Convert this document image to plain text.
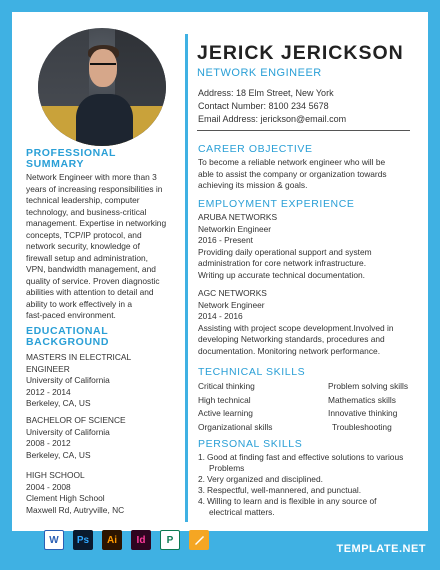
JERICK JERICKSON
NETWORK ENGINEER
Address: 18 Elm Street, New York
Contact Number: 8100 234 5678
Email Address: jerickson@email.com
PROFESSIONAL
SUMMARY
Network Engineer with more than 3
years of increasing responsibilities in
technical leadership, computer
technology, and business-critical
management. Expertise in networking
concepts, TCP/IP protocol, and
network security, knowledge of
firewall setup and administration,
VPN, bandwidth management, and
quality of service. Proven diagnostic
abilities with attention to detail and
ability to work effectively in a
fast-paced environment.
EDUCATIONAL
BACKGROUND
MASTERS IN ELECTRICAL
ENGINEER
University of California
2012 - 2014
Berkeley, CA, US
BACHELOR OF SCIENCE
University of California
2008 - 2012
Berkeley, CA, US
HIGH SCHOOL
2004 - 2008
Clement High School
Maxwell Rd, Autryville, NC
CAREER OBJECTIVE
To become a reliable network engineer who will be
able to assist the company or organization towards
achieving its mission & goals.
EMPLOYMENT EXPERIENCE
ARUBA NETWORKS
Networkin Engineer
2016 - Present
Providing daily operational support and system
administration for core network infrastructure.
Writing up accurate technical documentation.
AGC NETWORKS
Network Engineer
2014 - 2016
Assisting with project scope development.Involved in
developing Networking standards, procedures and
documentation. Monitoring network performance.
TECHNICAL SKILLS
Critical thinking	Problem solving skills
High technical	Mathematics skills
Active learning	Innovative thinking
Organizational skills	Troubleshooting
PERSONAL SKILLS
1. Good at finding fast and effective solutions to various
Problems
2. Very organized and disciplined.
3. Respectful, well-mannered, and punctual.
4. Willing to learn and is flexible in any source of
electrical matters.
W	Ps	Ai	Id	P
TEMPLATE.NET
